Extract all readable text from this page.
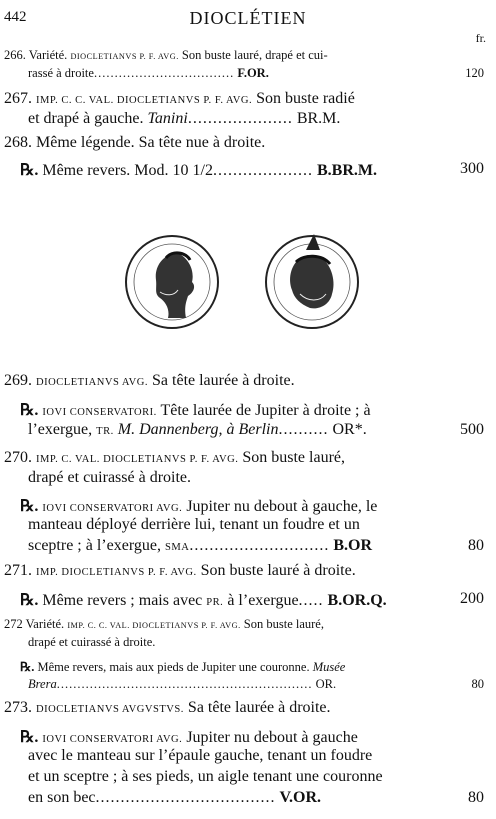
442	DIOCLÉTIEN
fr.
266. Variété. DIOCLETIANVS P. F. AVG. Son buste lauré, drapé et cui-
rassé à droite.................................. F.OR.	120
267. IMP. C. C. VAL. DIOCLETIANVS P. F. AVG. Son buste radié
et drapé à gauche. Tanini..................... BR.M.
268. Même légende. Sa tête nue à droite.
℞. Même revers. Mod. 10 1/2.................... B.BR.M.	300
269. DIOCLETIANVS AVG. Sa tête laurée à droite.
℞. IOVI CONSERVATORI. Tête laurée de Jupiter à droite ; à
l’exergue, TR. M. Dannenberg, à Berlin.......... OR*.	500
270. IMP. C. VAL. DIOCLETIANVS P. F. AVG. Son buste lauré,
drapé et cuirassé à droite.
℞. IOVI CONSERVATORI AVG. Jupiter nu debout à gauche, le
manteau déployé derrière lui, tenant un foudre et un
sceptre ; à l’exergue, SMA............................ B.OR	80
271. IMP. DIOCLETIANVS P. F. AVG. Son buste lauré à droite.
℞. Même revers ; mais avec PR. à l’exergue..... B.OR.Q.	200
272 Variété. IMP. C. C. VAL. DIOCLETIANVS P. F. AVG. Son buste lauré,
drapé et cuirassé à droite.
℞. Même revers, mais aux pieds de Jupiter une couronne. Musée
Brera.............................................................. OR.	80
273. DIOCLETIANVS AVGVSTVS. Sa tête laurée à droite.
℞. IOVI CONSERVATORI AVG. Jupiter nu debout à gauche
avec le manteau sur l’épaule gauche, tenant un foudre
et un sceptre ; à ses pieds, un aigle tenant une couronne
en son bec.................................... V.OR.	80
